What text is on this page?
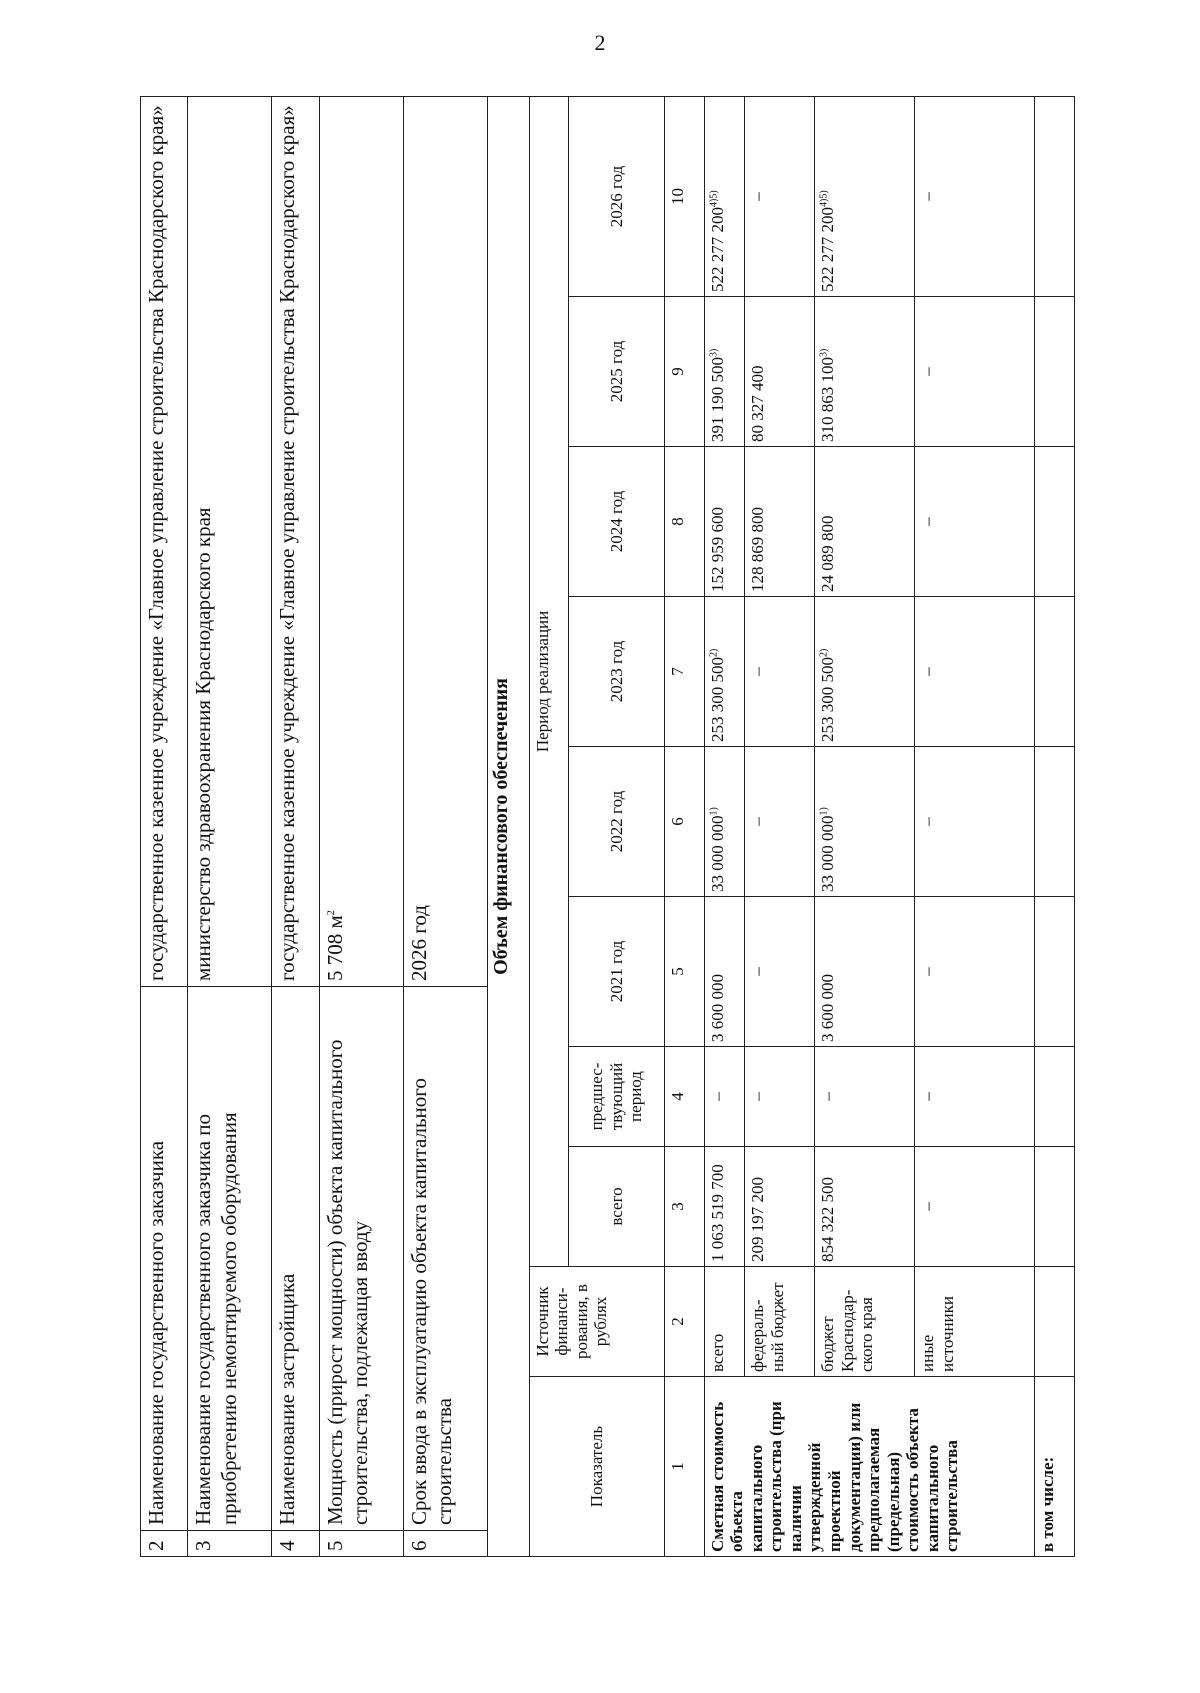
2
2	Наименование государственного заказчика	государственное казенное учреждение «Главное управление строительства Краснодарского края»
3	Наименование государственного заказчика по приобретению немонтируемого оборудования	министерство здравоохранения Краснодарского края
4	Наименование застройщика	государственное казенное учреждение «Главное управление строительства Краснодарского края»
5	Мощность (прирост мощности) объекта капитального строительства, подлежащая вводу	5 708 $м^2$
6	Срок ввода в эксплуатацию объекта капитального строительства	2026 год	Объем финансового обеспечения									
Показатель	Источник финанси-рования, в рублях	Период реализации							
		всего	предшес-твующий период	2021 год	2022 год	2023 год	2024 год	2025 год	2026 год
1	2	3	4	5	6	7	8	9	10
Сметная стоимость объекта капитального строительства (при наличии утвержденной проектной документации) или предполагаемая (предельная) стоимость объекта капитального строительства	всего	1 063 519 700	–	3 600 000	33 000 000$^{1)}$	253 300 500$^{2)}$	152 959 600	391 190 500$^{3)}$	522 277 $200^{4)5)}$
	федераль-ный бюджет	209 197 200	–	–	–	–	128 869 800	80 327 400	–
	бюджет Краснодар-ского края	854 322 500	–	3 600 000	33 000 000$^{1)}$	253 300 500$^{2)}$	24 089 800	310 863 100$^{3)}$	522 277 $200^{4)5)}$
	иные источники	–	–	–	–	–	–	–	–
в том числе:									
